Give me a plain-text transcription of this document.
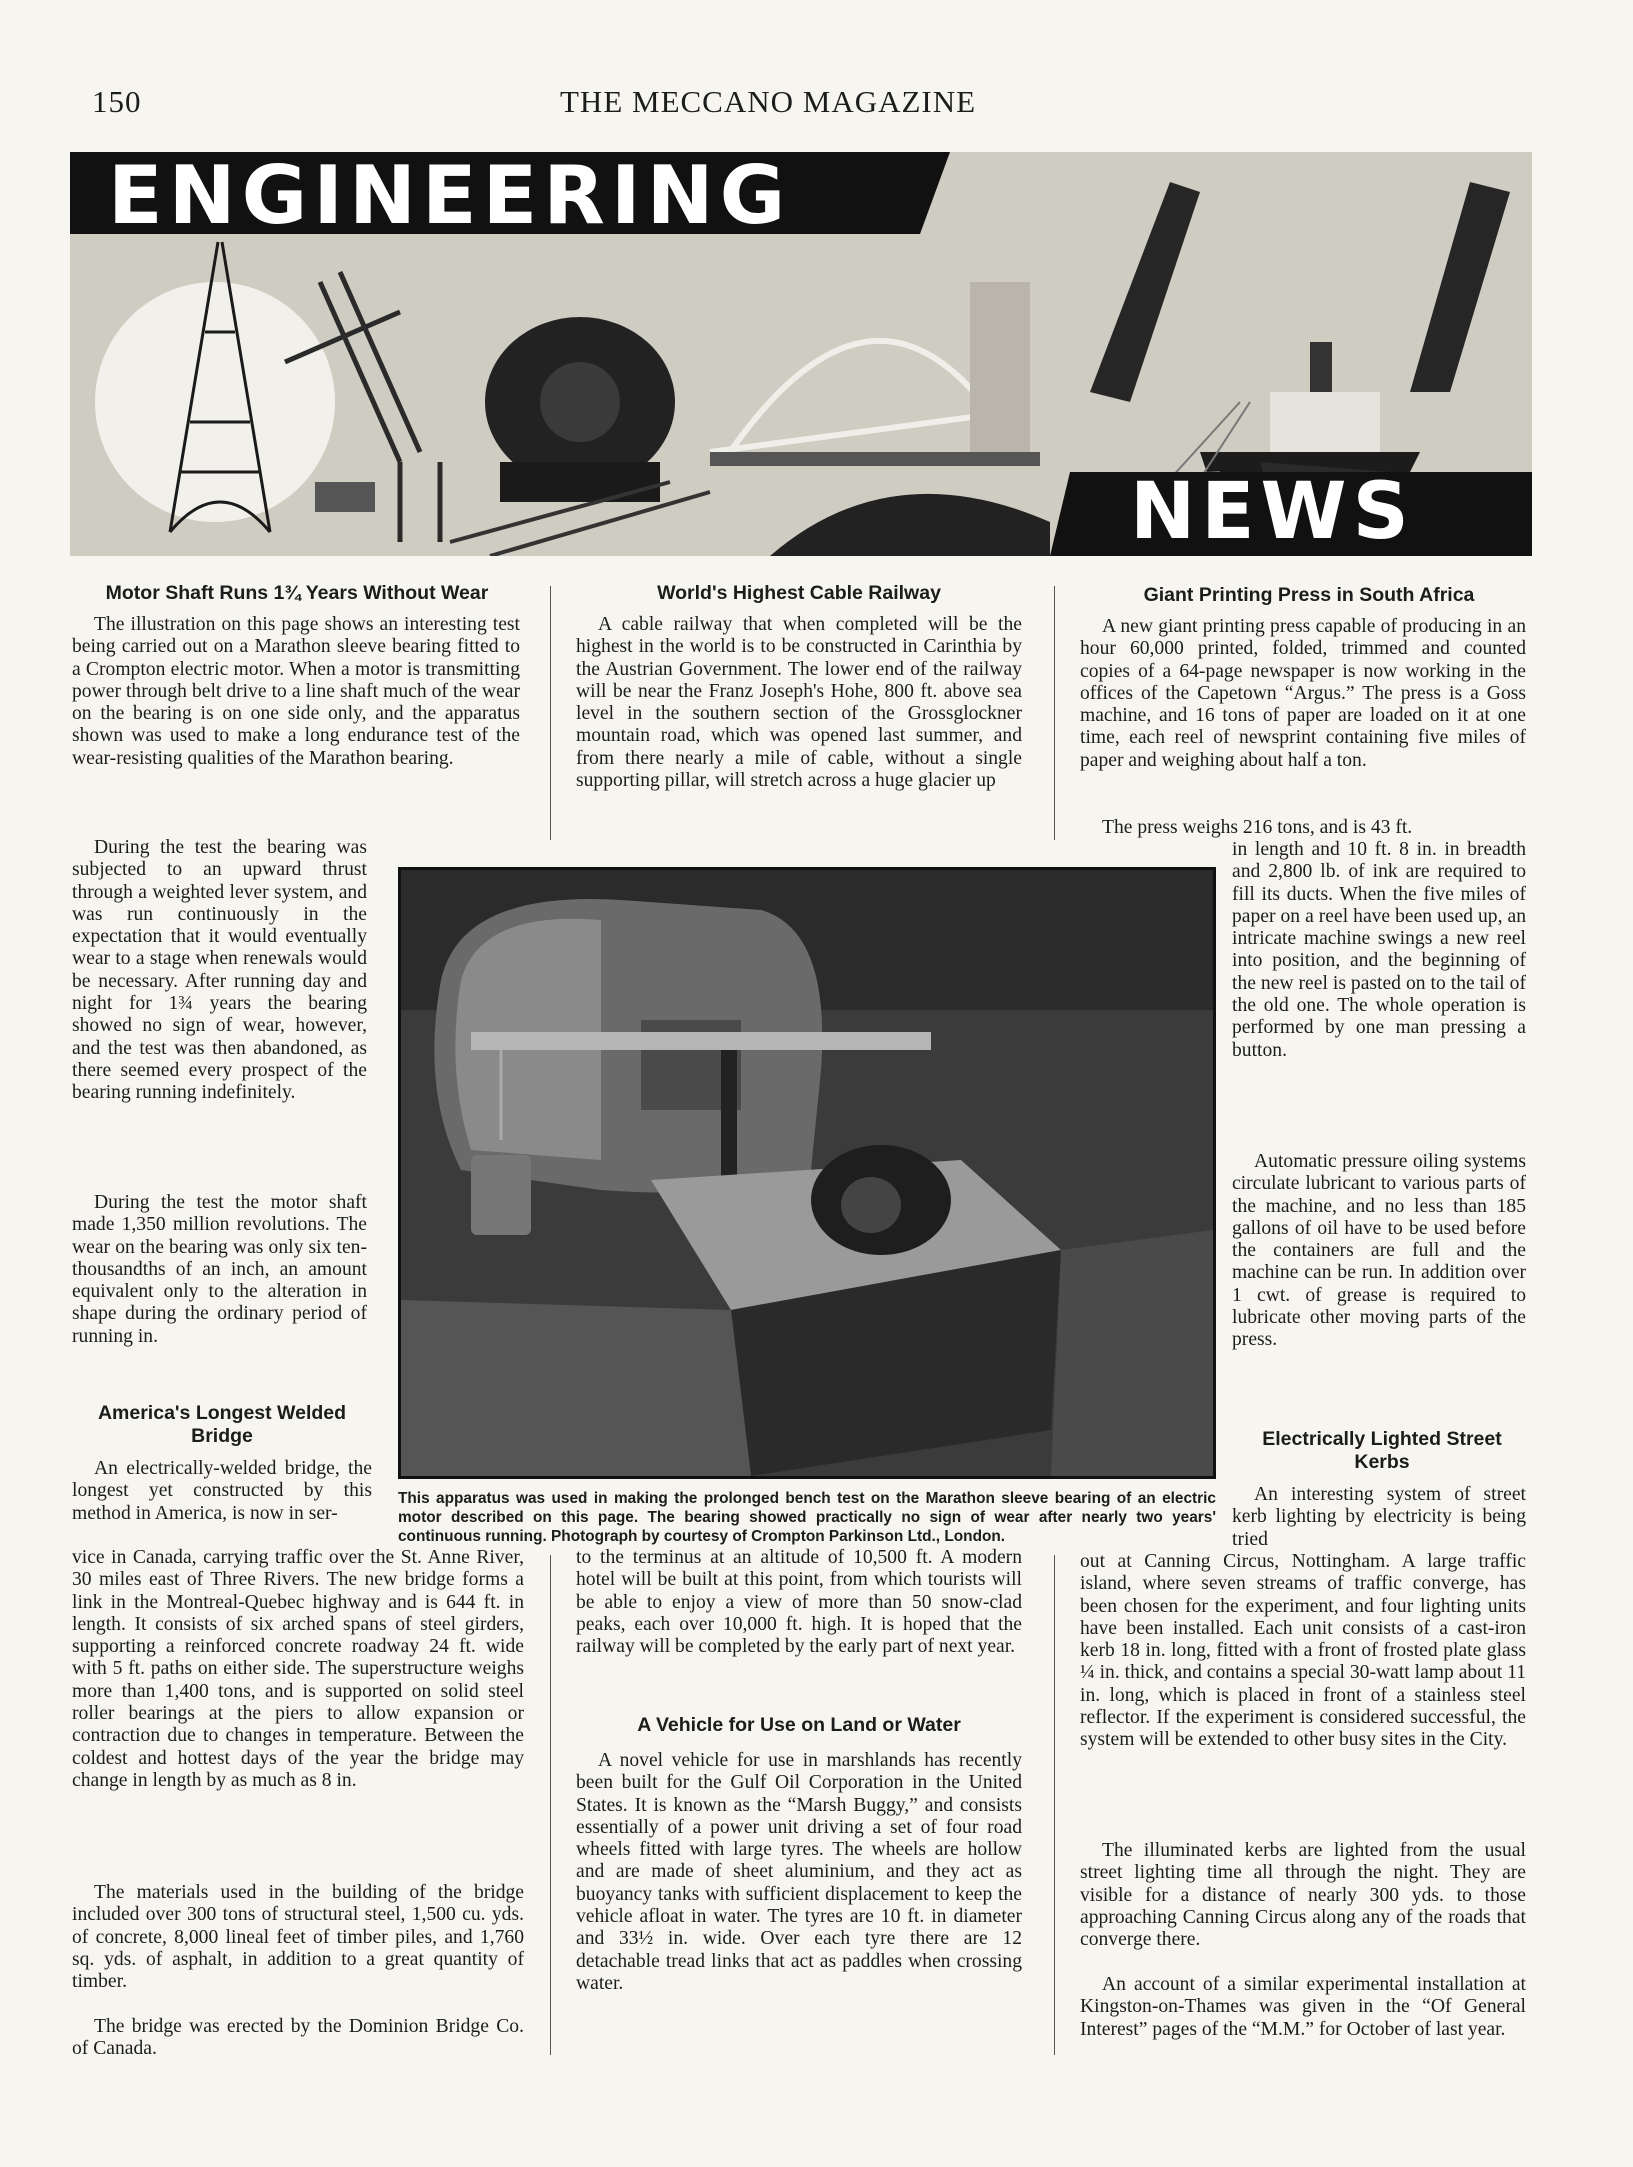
150	THE MECCANO MAGAZINE
ENGINEERING
NEWS
Motor Shaft Runs 1¾ Years Without Wear

The illustration on this page shows an interesting test being carried out on a Marathon sleeve bearing fitted to a Crompton electric motor. When a motor is transmitting power through belt drive to a line shaft much of the wear on the bearing is on one side only, and the apparatus shown was used to make a long endurance test of the wear-resisting qualities of the Marathon bearing.

During the test the bearing was subjected to an upward thrust through a weighted lever system, and was run continuously in the expectation that it would eventually wear to a stage when renewals would be necessary. After running day and night for 1¾ years the bearing showed no sign of wear, however, and the test was then abandoned, as there seemed every prospect of the bearing running indefinitely.

During the test the motor shaft made 1,350 million revolutions. The wear on the bearing was only six ten-thousandths of an inch, an amount equivalent only to the alteration in shape during the ordinary period of running in.

America's Longest Welded Bridge

An electrically-welded bridge, the longest yet constructed by this method in America, is now in ser-

vice in Canada, carrying traffic over the St. Anne River, 30 miles east of Three Rivers. The new bridge forms a link in the Montreal-Quebec highway and is 644 ft. in length. It consists of six arched spans of steel girders, supporting a reinforced concrete roadway 24 ft. wide with 5 ft. paths on either side. The superstructure weighs more than 1,400 tons, and is supported on solid steel roller bearings at the piers to allow expansion or contraction due to changes in temperature. Between the coldest and hottest days of the year the bridge may change in length by as much as 8 in.

The materials used in the building of the bridge included over 300 tons of structural steel, 1,500 cu. yds. of concrete, 8,000 lineal feet of timber piles, and 1,760 sq. yds. of asphalt, in addition to a great quantity of timber.

The bridge was erected by the Dominion Bridge Co. of Canada.

World's Highest Cable Railway

A cable railway that when completed will be the highest in the world is to be constructed in Carinthia by the Austrian Government. The lower end of the railway will be near the Franz Joseph's Hohe, 800 ft. above sea level in the southern section of the Grossglockner mountain road, which was opened last summer, and from there nearly a mile of cable, without a single supporting pillar, will stretch across a huge glacier up

to the terminus at an altitude of 10,500 ft. A modern hotel will be built at this point, from which tourists will be able to enjoy a view of more than 50 snow-clad peaks, each over 10,000 ft. high. It is hoped that the railway will be completed by the early part of next year.

A Vehicle for Use on Land or Water

A novel vehicle for use in marshlands has recently been built for the Gulf Oil Corporation in the United States. It is known as the “Marsh Buggy,” and consists essentially of a power unit driving a set of four road wheels fitted with large tyres. The wheels are hollow and are made of sheet aluminium, and they act as buoyancy tanks with sufficient displacement to keep the vehicle afloat in water. The tyres are 10 ft. in diameter and 33½ in. wide. Over each tyre there are 12 detachable tread links that act as paddles when crossing water.

Giant Printing Press in South Africa

A new giant printing press capable of producing in an hour 60,000 printed, folded, trimmed and counted copies of a 64-page newspaper is now working in the offices of the Capetown “Argus.” The press is a Goss machine, and 16 tons of paper are loaded on it at one time, each reel of newsprint containing five miles of paper and weighing about half a ton.

The press weighs 216 tons, and is 43 ft.

in length and 10 ft. 8 in. in breadth and 2,800 lb. of ink are required to fill its ducts. When the five miles of paper on a reel have been used up, an intricate machine swings a new reel into position, and the beginning of the new reel is pasted on to the tail of the old one. The whole operation is performed by one man pressing a button.

Automatic pressure oiling systems circulate lubricant to various parts of the machine, and no less than 185 gallons of oil have to be used before the containers are full and the machine can be run. In addition over 1 cwt. of grease is required to lubricate other moving parts of the press.

Electrically Lighted Street Kerbs

An interesting system of street kerb lighting by electricity is being tried

out at Canning Circus, Nottingham. A large traffic island, where seven streams of traffic converge, has been chosen for the experiment, and four lighting units have been installed. Each unit consists of a cast-iron kerb 18 in. long, fitted with a front of frosted plate glass ¼ in. thick, and contains a special 30-watt lamp about 11 in. long, which is placed in front of a stainless steel reflector. If the experiment is considered successful, the system will be extended to other busy sites in the City.

The illuminated kerbs are lighted from the usual street lighting time all through the night. They are visible for a distance of nearly 300 yds. to those approaching Canning Circus along any of the roads that converge there.

An account of a similar experimental installation at Kingston-on-Thames was given in the “Of General Interest” pages of the “M.M.” for October of last year.

This apparatus was used in making the prolonged bench test on the Marathon sleeve bearing of an electric motor described on this page. The bearing showed practically no sign of wear after nearly two years' continuous running. Photograph by courtesy of Crompton Parkinson Ltd., London.
